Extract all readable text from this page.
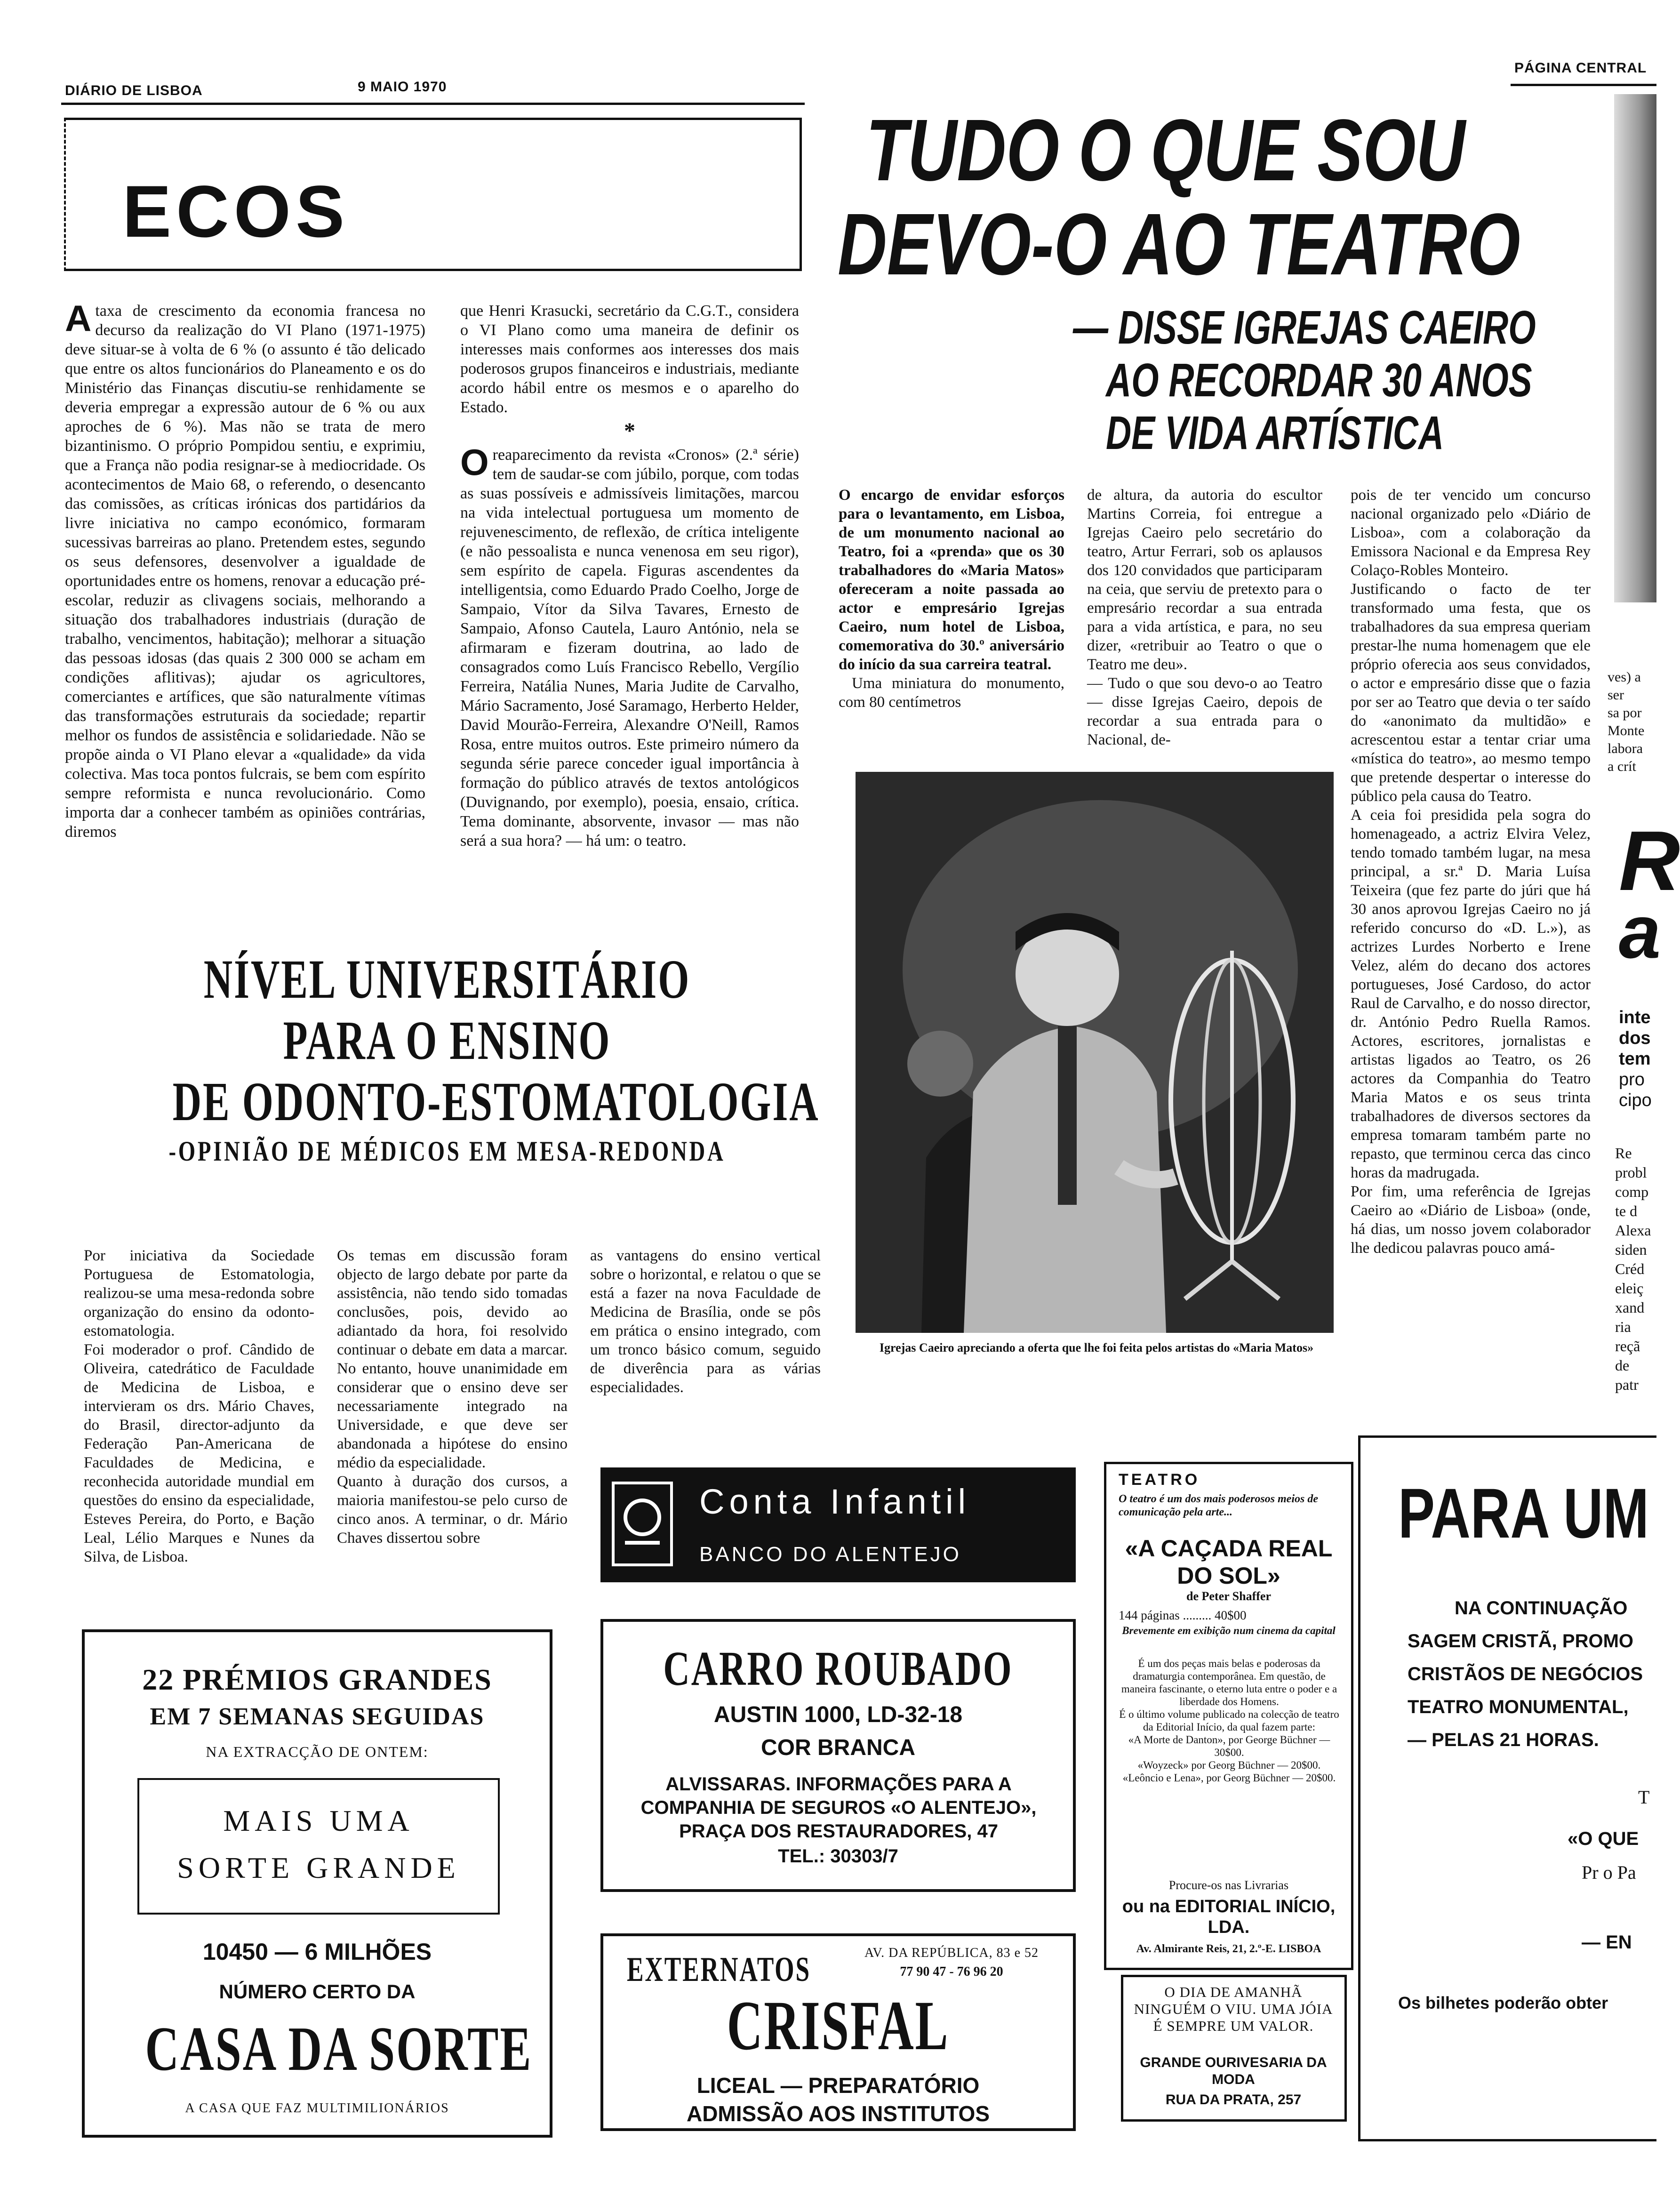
DIÁRIO DE LISBOA	9 MAIO 1970
PÁGINA CENTRAL
ECOS
Ataxa de crescimento da economia francesa no decurso da realização do VI Plano (1971-1975) deve situar-se à volta de 6 % (o assunto é tão delicado que entre os altos funcionários do Planeamento e os do Ministério das Finanças discutiu-se renhidamente se deveria empregar a expressão autour de 6 % ou aux aproches de 6 %). Mas não se trata de mero bizantinismo. O próprio Pompidou sentiu, e exprimiu, que a França não podia resignar-se à mediocridade. Os acontecimentos de Maio 68, o referendo, o desencanto das comissões, as críticas irónicas dos partidários da livre iniciativa no campo económico, formaram sucessivas barreiras ao plano. Pretendem estes, segundo os seus defensores, desenvolver a igualdade de oportunidades entre os homens, renovar a educação pré-escolar, reduzir as clivagens sociais, melhorando a situação dos trabalhadores industriais (duração de trabalho, vencimentos, habitação); melhorar a situação das pessoas idosas (das quais 2 300 000 se acham em condições aflitivas); ajudar os agricultores, comerciantes e artífices, que são naturalmente vítimas das transformações estruturais da sociedade; repartir melhor os fundos de assistência e solidariedade. Não se propõe ainda o VI Plano elevar a «qualidade» da vida colectiva. Mas toca pontos fulcrais, se bem com espírito sempre reformista e nunca revolucionário. Como importa dar a conhecer também as opiniões contrárias, diremos
que Henri Krasucki, secretário da C.G.T., considera o VI Plano como uma maneira de definir os interesses mais conformes aos interesses dos mais poderosos grupos financeiros e industriais, mediante acordo hábil entre os mesmos e o aparelho do Estado.
*
Oreaparecimento da revista «Cronos» (2.ª série) tem de saudar-se com júbilo, porque, com todas as suas possíveis e admissíveis limitações, marcou na vida intelectual portuguesa um momento de rejuvenescimento, de reflexão, de crítica inteligente (e não pessoalista e nunca venenosa em seu rigor), sem espírito de capela. Figuras ascendentes da intelligentsia, como Eduardo Prado Coelho, Jorge de Sampaio, Vítor da Silva Tavares, Ernesto de Sampaio, Afonso Cautela, Lauro António, nela se afirmaram e fizeram doutrina, ao lado de consagrados como Luís Francisco Rebello, Vergílio Ferreira, Natália Nunes, Maria Judite de Carvalho, Mário Sacramento, José Saramago, Herberto Helder, David Mourão-Ferreira, Alexandre O'Neill, Ramos Rosa, entre muitos outros. Este primeiro número da segunda série parece conceder igual importância à formação do público através de textos antológicos (Duvignando, por exemplo), poesia, ensaio, crítica. Tema dominante, absorvente, invasor — mas não será a sua hora? — há um: o teatro.
TUDO O QUE SOU
DEVO-O AO TEATRO
— DISSE IGREJAS CAEIRO
AO RECORDAR 30 ANOS
DE VIDA ARTÍSTICA
O encargo de envidar esforços para o levantamento, em Lisboa, de um monumento nacional ao Teatro, foi a «prenda» que os 30 trabalhadores do «Maria Matos» ofereceram a noite passada ao actor e empresário Igrejas Caeiro, num hotel de Lisboa, comemorativa do 30.º aniversário do início da sua carreira teatral.
Uma miniatura do monumento, com 80 centímetros
de altura, da autoria do escultor Martins Correia, foi entregue a Igrejas Caeiro pelo secretário do teatro, Artur Ferrari, sob os aplausos dos 120 convidados que participaram na ceia, que serviu de pretexto para o empresário recordar a sua entrada para a vida artística, e para, no seu dizer, «retribuir ao Teatro o que o Teatro me deu».
— Tudo o que sou devo-o ao Teatro — disse Igrejas Caeiro, depois de recordar a sua entrada para o Nacional, de-
pois de ter vencido um concurso nacional organizado pelo «Diário de Lisboa», com a colaboração da Emissora Nacional e da Empresa Rey Colaço-Robles Monteiro.
Justificando o facto de ter transformado uma festa, que os trabalhadores da sua empresa queriam prestar-lhe numa homenagem que ele próprio oferecia aos seus convidados, o actor e empresário disse que o fazia por ser ao Teatro que devia o ter saído do «anonimato da multidão» e acrescentou estar a tentar criar uma «mística do teatro», ao mesmo tempo que pretende despertar o interesse do público pela causa do Teatro.
A ceia foi presidida pela sogra do homenageado, a actriz Elvira Velez, tendo tomado também lugar, na mesa principal, a sr.ª D. Maria Luísa Teixeira (que fez parte do júri que há 30 anos aprovou Igrejas Caeiro no já referido concurso do «D. L.»), as actrizes Lurdes Norberto e Irene Velez, além do decano dos actores portugueses, José Cardoso, do actor Raul de Carvalho, e do nosso director, dr. António Pedro Ruella Ramos. Actores, escritores, jornalistas e artistas ligados ao Teatro, os 26 actores da Companhia do Teatro Maria Matos e os seus trinta trabalhadores de diversos sectores da empresa tomaram também parte no repasto, que terminou cerca das cinco horas da madrugada.
Por fim, uma referência de Igrejas Caeiro ao «Diário de Lisboa» (onde, há dias, um nosso jovem colaborador lhe dedicou palavras pouco amá-
Igrejas Caeiro apreciando a oferta que lhe foi feita pelos artistas do «Maria Matos»
NÍVEL UNIVERSITÁRIO
PARA O ENSINO
DE ODONTO-ESTOMATOLOGIA
-OPINIÃO DE MÉDICOS EM MESA-REDONDA
Por iniciativa da Sociedade Portuguesa de Estomatologia, realizou-se uma mesa-redonda sobre organização do ensino da odonto-estomatologia.
Foi moderador o prof. Cândido de Oliveira, catedrático de Faculdade de Medicina de Lisboa, e intervieram os drs. Mário Chaves, do Brasil, director-adjunto da Federação Pan-Americana de Faculdades de Medicina, e reconhecida autoridade mundial em questões do ensino da especialidade, Esteves Pereira, do Porto, e Bação Leal, Lélio Marques e Nunes da Silva, de Lisboa.
Os temas em discussão foram objecto de largo debate por parte da assistência, não tendo sido tomadas conclusões, pois, devido ao adiantado da hora, foi resolvido continuar o debate em data a marcar. No entanto, houve unanimidade em considerar que o ensino deve ser necessariamente integrado na Universidade, e que deve ser abandonada a hipótese do ensino médio da especialidade.
Quanto à duração dos cursos, a maioria manifestou-se pelo curso de cinco anos. A terminar, o dr. Mário Chaves dissertou sobre
as vantagens do ensino vertical sobre o horizontal, e relatou o que se está a fazer na nova Faculdade de Medicina de Brasília, onde se pôs em prática o ensino integrado, com um tronco básico comum, seguido de diverência para as várias especialidades.
22 PRÉMIOS GRANDES
EM 7 SEMANAS SEGUIDAS
NA EXTRACÇÃO DE ONTEM:
MAIS UMA
SORTE GRANDE
10450 — 6 MILHÕES
NÚMERO CERTO DA
CASA DA SORTE
A CASA QUE FAZ MULTIMILIONÁRIOS
Conta Infantil
BANCO DO ALENTEJO
CARRO ROUBADO
AUSTIN 1000, LD-32-18
COR BRANCA
ALVISSARAS. INFORMAÇÕES PARA A COMPANHIA DE SEGUROS «O ALENTEJO», PRAÇA DOS RESTAURADORES, 47
TEL.: 30303/7
EXTERNATOS	AV. DA REPÚBLICA, 83 e 52
77 90 47 - 76 96 20
CRISFAL
LICEAL — PREPARATÓRIO
ADMISSÃO AOS INSTITUTOS
TEATRO
O teatro é um dos mais poderosos meios de comunicação pela arte...
«A CAÇADA REAL DO SOL»
de Peter Shaffer
144 páginas ......... 40$00
Brevemente em exibição num cinema da capital
É um dos peças mais belas e poderosas da dramaturgia contemporânea. Em questão, de maneira fascinante, o eterno luta entre o poder e a liberdade dos Homens.
É o último volume publicado na colecção de teatro da Editorial Início, da qual fazem parte:
«A Morte de Danton», por George Büchner — 30$00.
«Woyzeck» por Georg Büchner — 20$00.
«Leôncio e Lena», por Georg Büchner — 20$00.
Procure-os nas Livrarias
ou na EDITORIAL INÍCIO, LDA.
Av. Almirante Reis, 21, 2.º-E. LISBOA
O DIA DE AMANHÃ NINGUÉM O VIU. UMA JÓIA É SEMPRE UM VALOR.
GRANDE OURIVESARIA DA MODA
RUA DA PRATA, 257
ves) a ser
sa por
Monte
labora
a crít
R
a
inte
dos
tem
pro
cipo
Re
probl
comp
te d
Alexa
siden
Créd
eleiç
xand
ria
reçã
de
patr
PARA UM
NA CONTINUAÇÃO
SAGEM CRISTÃ, PROMO
CRISTÃOS DE NEGÓCIOS
TEATRO MONUMENTAL,
— PELAS 21 HORAS.
T
«O QUE
Pr o Pa
— EN
Os bilhetes poderão obter
